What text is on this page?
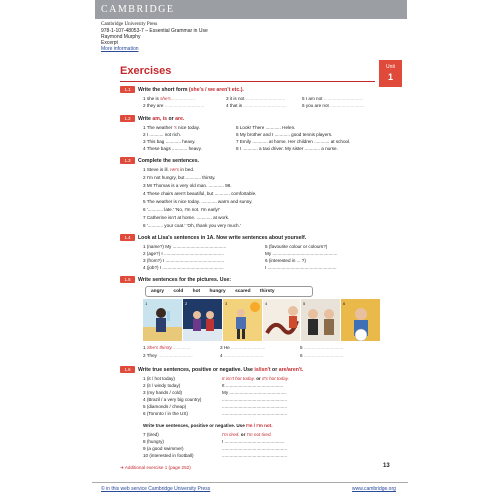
CAMBRIDGE
Cambridge University Press
978-1-107-48053-7 – Essential Grammar in Use
Raymond Murphy
Excerpt
More information
Exercises	Unit
1
1.1 Write the short form (she's / we aren't etc.).
1 she is she's...................
2 they are ...............................
3 it is not ...............................
4 that is ..................................
5 I am not ...............................
6 you are not ...........................
1.2 Write am, is or are.
1 The weather 's nice today.
2 I ........... not rich.
3 This bag ............ heavy.
4 These bags ............ heavy.
5 Look! There ............ Helen.
6 My brother and I ............ good tennis players.
7 Emily ............ at home. Her children ............ at school.
8 I ............ a taxi driver. My sister ............ a nurse.
1.3 Complete the sentences.
1 Steve is ill. He's in bed.
2 I'm not hungry, but ............ thirsty.
3 Mr Thomas is a very old man. ............ 98.
4 These chairs aren't beautiful, but ............ comfortable.
5 The weather is nice today. ............ warm and sunny.
6 '............ late.' 'No, I'm not. I'm early!'
7 Catherine isn't at home. ............ at work.
8 '............ your coat.' 'Oh, thank you very much.'
1.4 Look at Lisa's sentences in 1A. Now write sentences about yourself.
1 (name?) My ..........................................
2 (age?) I ...............................................
3 (from?) I ..............................................
4 (job?) I ................................................
5 (favourite colour or colours?)
My ...................................................
6 (interested in ... ?)
I ......................................................
1.5 Write sentences for the pictures. Use:
angry cold hot hungry scared thirsty
1	2	3	4	5	6
1 She's thirsty...............
2 They ...........................
3 He ...........................
4 ...............................
5 ...............................
6 ...............................
1.6 Write true sentences, positive or negative. Use is/isn't or are/aren't.
1 (it / hot today)	It isn't hot today. or It's hot today.
2 (it / windy today)	It .............................................
3 (my hands / cold)	My .............................................
4 (Brazil / a very big country)	...................................................
5 (diamonds / cheap)	...................................................
6 (Toronto / in the US)	...................................................
Write true sentences, positive or negative. Use I'm / I'm not.
7 (tired)	I'm tired. or I'm not tired.
8 (hungry)	I ...............................................
9 (a good swimmer)	...................................................
10 (interested in football)	...................................................
➜ Additional exercise 1 (page 252)	13
© in this web service Cambridge University Press	www.cambridge.org
